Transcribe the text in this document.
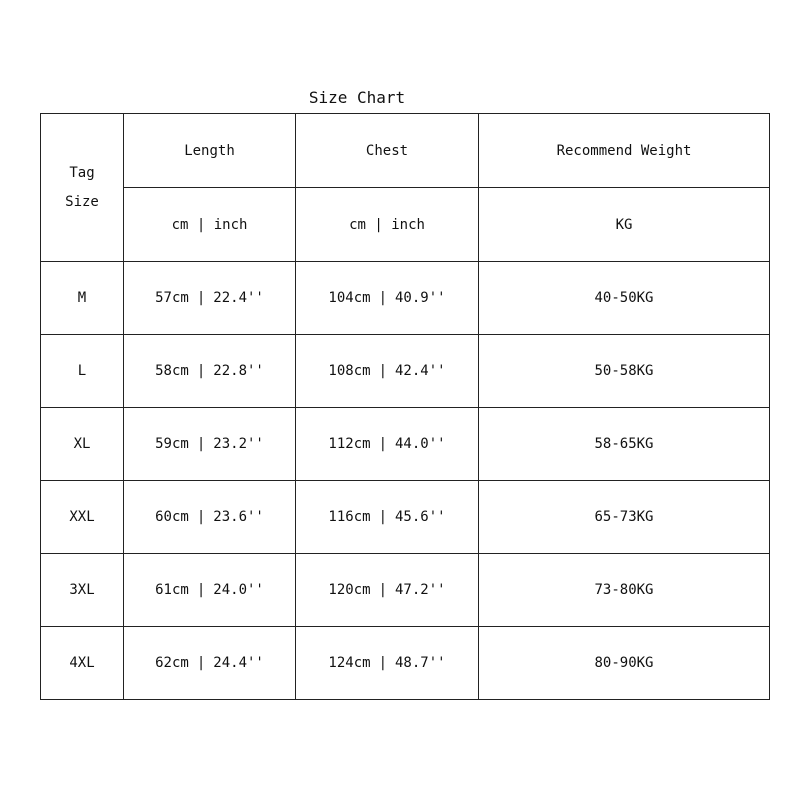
Size Chart
Tag
Size	Length	Chest	Recommend Weight
	cm | inch	cm | inch	KG
M	57cm | 22.4''	104cm | 40.9''	40-50KG
L	58cm | 22.8''	108cm | 42.4''	50-58KG
XL	59cm | 23.2''	112cm | 44.0''	58-65KG
XXL	60cm | 23.6''	116cm | 45.6''	65-73KG
3XL	61cm | 24.0''	120cm | 47.2''	73-80KG
4XL	62cm | 24.4''	124cm | 48.7''	80-90KG
